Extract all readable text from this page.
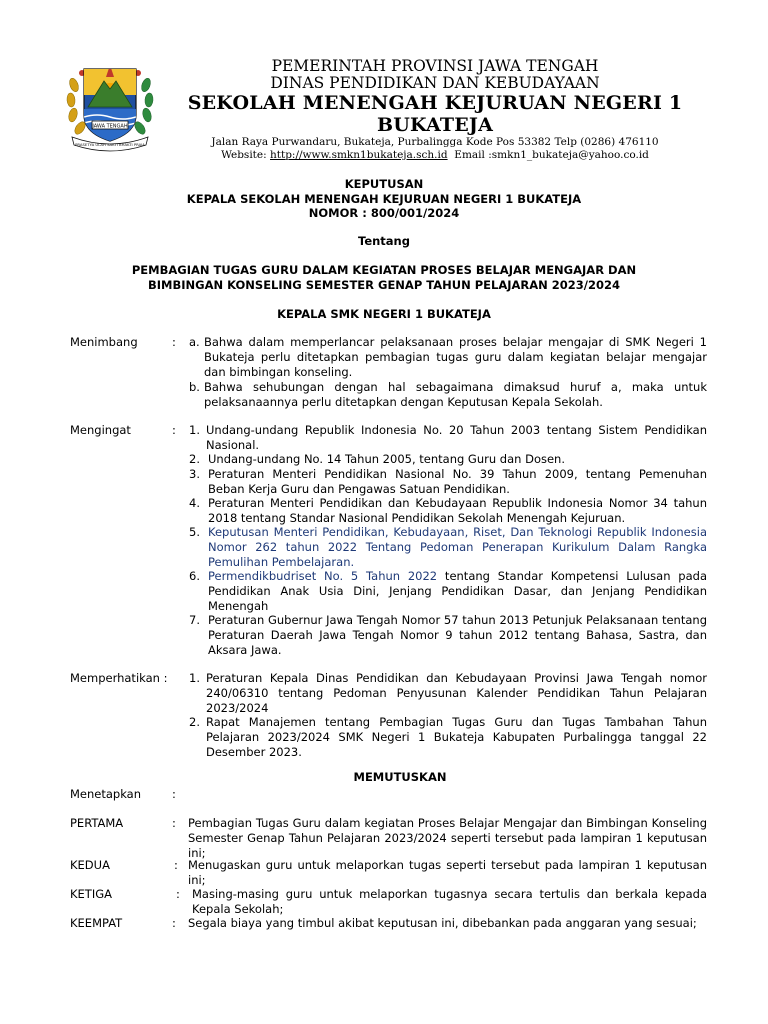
JAWA TENGAH
PRASETYA ULAH SAKTI BHAKTI PRAJA
PEMERINTAH PROVINSI JAWA TENGAH
DINAS PENDIDIKAN DAN KEBUDAYAAN
SEKOLAH MENENGAH KEJURUAN NEGERI 1
BUKATEJA
Jalan Raya Purwandaru, Bukateja, Purbalingga Kode Pos 53382 Telp (0286) 476110
Website: http://www.smkn1bukateja.sch.id Email :smkn1_bukateja@yahoo.co.id
KEPUTUSAN
KEPALA SEKOLAH MENENGAH KEJURUAN NEGERI 1 BUKATEJA
NOMOR : 800/001/2024
Tentang
PEMBAGIAN TUGAS GURU DALAM KEGIATAN PROSES BELAJAR MENGAJAR DAN
BIMBINGAN KONSELING SEMESTER GENAP TAHUN PELAJARAN 2023/2024
KEPALA SMK NEGERI 1 BUKATEJA
Menimbang	: a. Bahwa dalam memperlancar pelaksanaan proses belajar mengajar di SMK Negeri 1 Bukateja perlu ditetapkan pembagian tugas guru dalam kegiatan belajar mengajar dan bimbingan konseling.
b. Bahwa sehubungan dengan hal sebagaimana dimaksud huruf a, maka untuk pelaksanaannya perlu ditetapkan dengan Keputusan Kepala Sekolah.
Mengingat	: 1. Undang-undang Republik Indonesia No. 20 Tahun 2003 tentang Sistem Pendidikan Nasional.
2. Undang-undang No. 14 Tahun 2005, tentang Guru dan Dosen.
3. Peraturan Menteri Pendidikan Nasional No. 39 Tahun 2009, tentang Pemenuhan Beban Kerja Guru dan Pengawas Satuan Pendidikan.
4. Peraturan Menteri Pendidikan dan Kebudayaan Republik Indonesia Nomor 34 tahun 2018 tentang Standar Nasional Pendidikan Sekolah Menengah Kejuruan.
5. Keputusan Menteri Pendidikan, Kebudayaan, Riset, Dan Teknologi Republik Indonesia Nomor 262 tahun 2022 Tentang Pedoman Penerapan Kurikulum Dalam Rangka Pemulihan Pembelajaran.
6. Permendikbudriset No. 5 Tahun 2022 tentang Standar Kompetensi Lulusan pada Pendidikan Anak Usia Dini, Jenjang Pendidikan Dasar, dan Jenjang Pendidikan Menengah
7. Peraturan Gubernur Jawa Tengah Nomor 57 tahun 2013 Petunjuk Pelaksanaan tentang Peraturan Daerah Jawa Tengah Nomor 9 tahun 2012 tentang Bahasa, Sastra, dan Aksara Jawa.
Memperhatikan : 1. Peraturan Kepala Dinas Pendidikan dan Kebudayaan Provinsi Jawa Tengah nomor 240/06310 tentang Pedoman Penyusunan Kalender Pendidikan Tahun Pelajaran 2023/2024
2. Rapat Manajemen tentang Pembagian Tugas Guru dan Tugas Tambahan Tahun Pelajaran 2023/2024 SMK Negeri 1 Bukateja Kabupaten Purbalingga tanggal 22 Desember 2023.
MEMUTUSKAN
Menetapkan	:
PERTAMA	: Pembagian Tugas Guru dalam kegiatan Proses Belajar Mengajar dan Bimbingan Konseling Semester Genap Tahun Pelajaran 2023/2024 seperti tersebut pada lampiran 1 keputusan ini;
KEDUA	: Menugaskan guru untuk melaporkan tugas seperti tersebut pada lampiran 1 keputusan ini;
KETIGA	: Masing-masing guru untuk melaporkan tugasnya secara tertulis dan berkala kepada Kepala Sekolah;
KEEMPAT	: Segala biaya yang timbul akibat keputusan ini, dibebankan pada anggaran yang sesuai;
